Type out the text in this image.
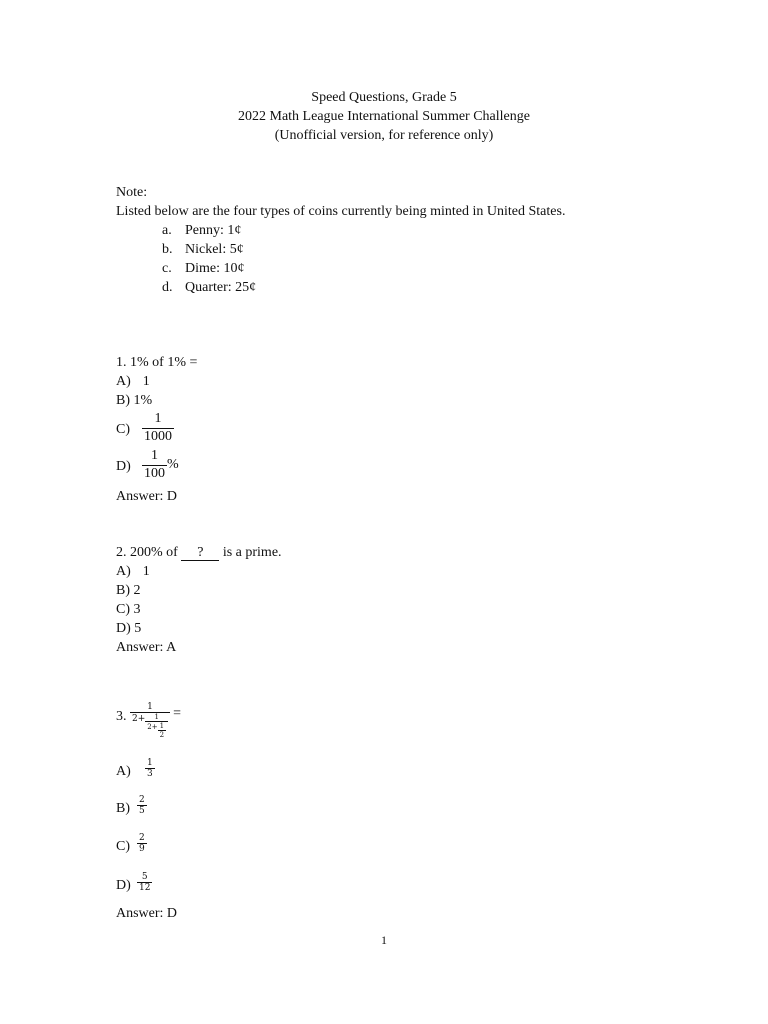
Speed Questions, Grade 5
2022 Math League International Summer Challenge
(Unofficial version, for reference only)
Note:
Listed below are the four types of coins currently being minted in United States.
a. Penny: 1¢
b. Nickel: 5¢
c. Dime: 10¢
d. Quarter: 25¢
1. 1% of 1% =
A) 1
B) 1%
$C) \frac{1}{1000}$
$D) \frac{1}{100}$ %
Answer: D
2. 200% of ? is a prime.
A) 1
B) 2
C) 3
D) 5
Answer: A
3.
1
$2+ \frac{1}{2+ \frac{1}{2}}$
=
$A) \frac{1}{3}$
$B) \frac{2}{5}$
$C) \frac{2}{9}$
$D) \frac{5}{12}$
Answer: D
1
